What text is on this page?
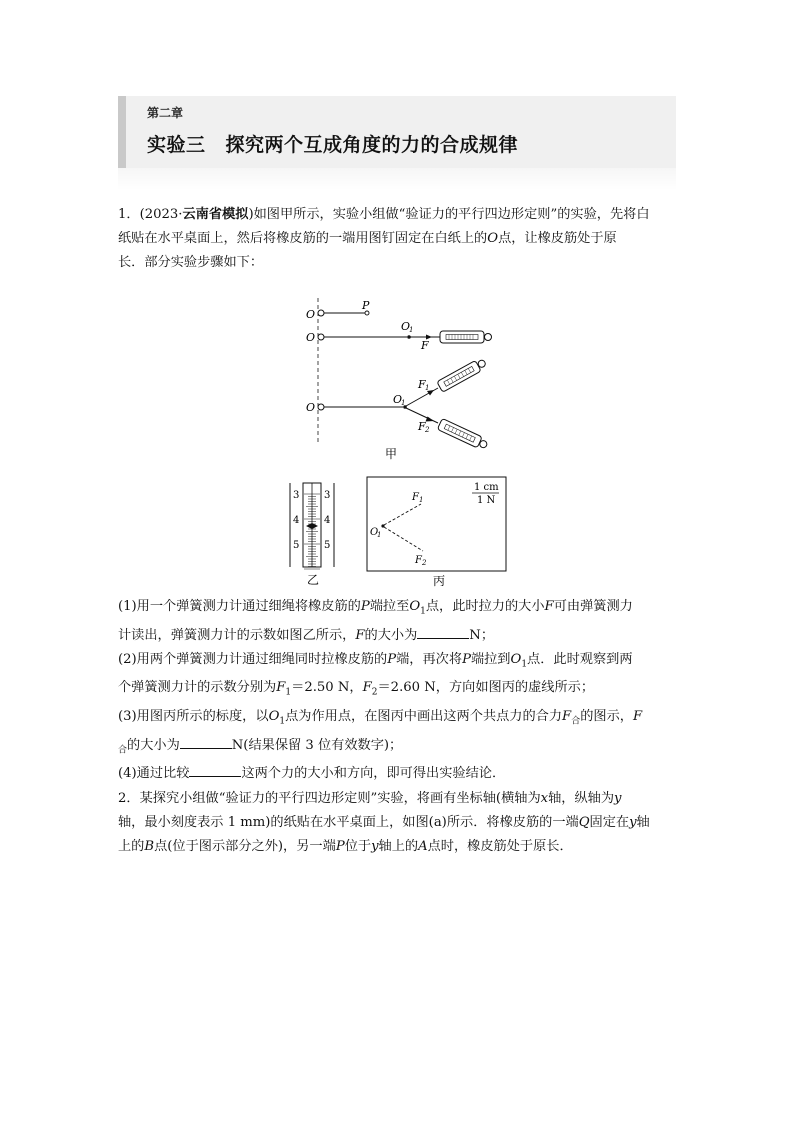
第二章
实验三 探究两个互成角度的力的合成规律
1．(2023·云南省模拟)如图甲所示，实验小组做“验证力的平行四边形定则”的实验，先将白
纸贴在水平桌面上，然后将橡皮筋的一端用图钉固定在白纸上的O点，让橡皮筋处于原
长．部分实验步骤如下：
O
P
O
O
1
F
O
O
1
F 1
F 2
甲
3
4
5
3
4
5
乙
1 cm
1 N
O
1
F 1
F 2
丙
(1)用一个弹簧测力计通过细绳将橡皮筋的P端拉至$O_1$点，此时拉力的大小F可由弹簧测力
计读出，弹簧测力计的示数如图乙所示，F的大小为	N；
(2)用两个弹簧测力计通过细绳同时拉橡皮筋的P端，再次将P端拉到$O_1$点．此时观察到两
个弹簧测力计的示数分别为$F_1=2.50$ N，$F_2=2.60$ N，方向如图丙的虚线所示；
(3)用图丙所示的标度，以$O_1$点为作用点，在图丙中画出这两个共点力的合力$F_合$的图示，F
$_合$的大小为	N(结果保留 3 位有效数字)；
(4)通过比较	这两个力的大小和方向，即可得出实验结论．
2．某探究小组做“验证力的平行四边形定则”实验，将画有坐标轴(横轴为x轴，纵轴为y
轴，最小刻度表示 1 mm)的纸贴在水平桌面上，如图(a)所示．将橡皮筋的一端Q固定在y轴
上的B点(位于图示部分之外)，另一端P位于y轴上的A点时，橡皮筋处于原长．
